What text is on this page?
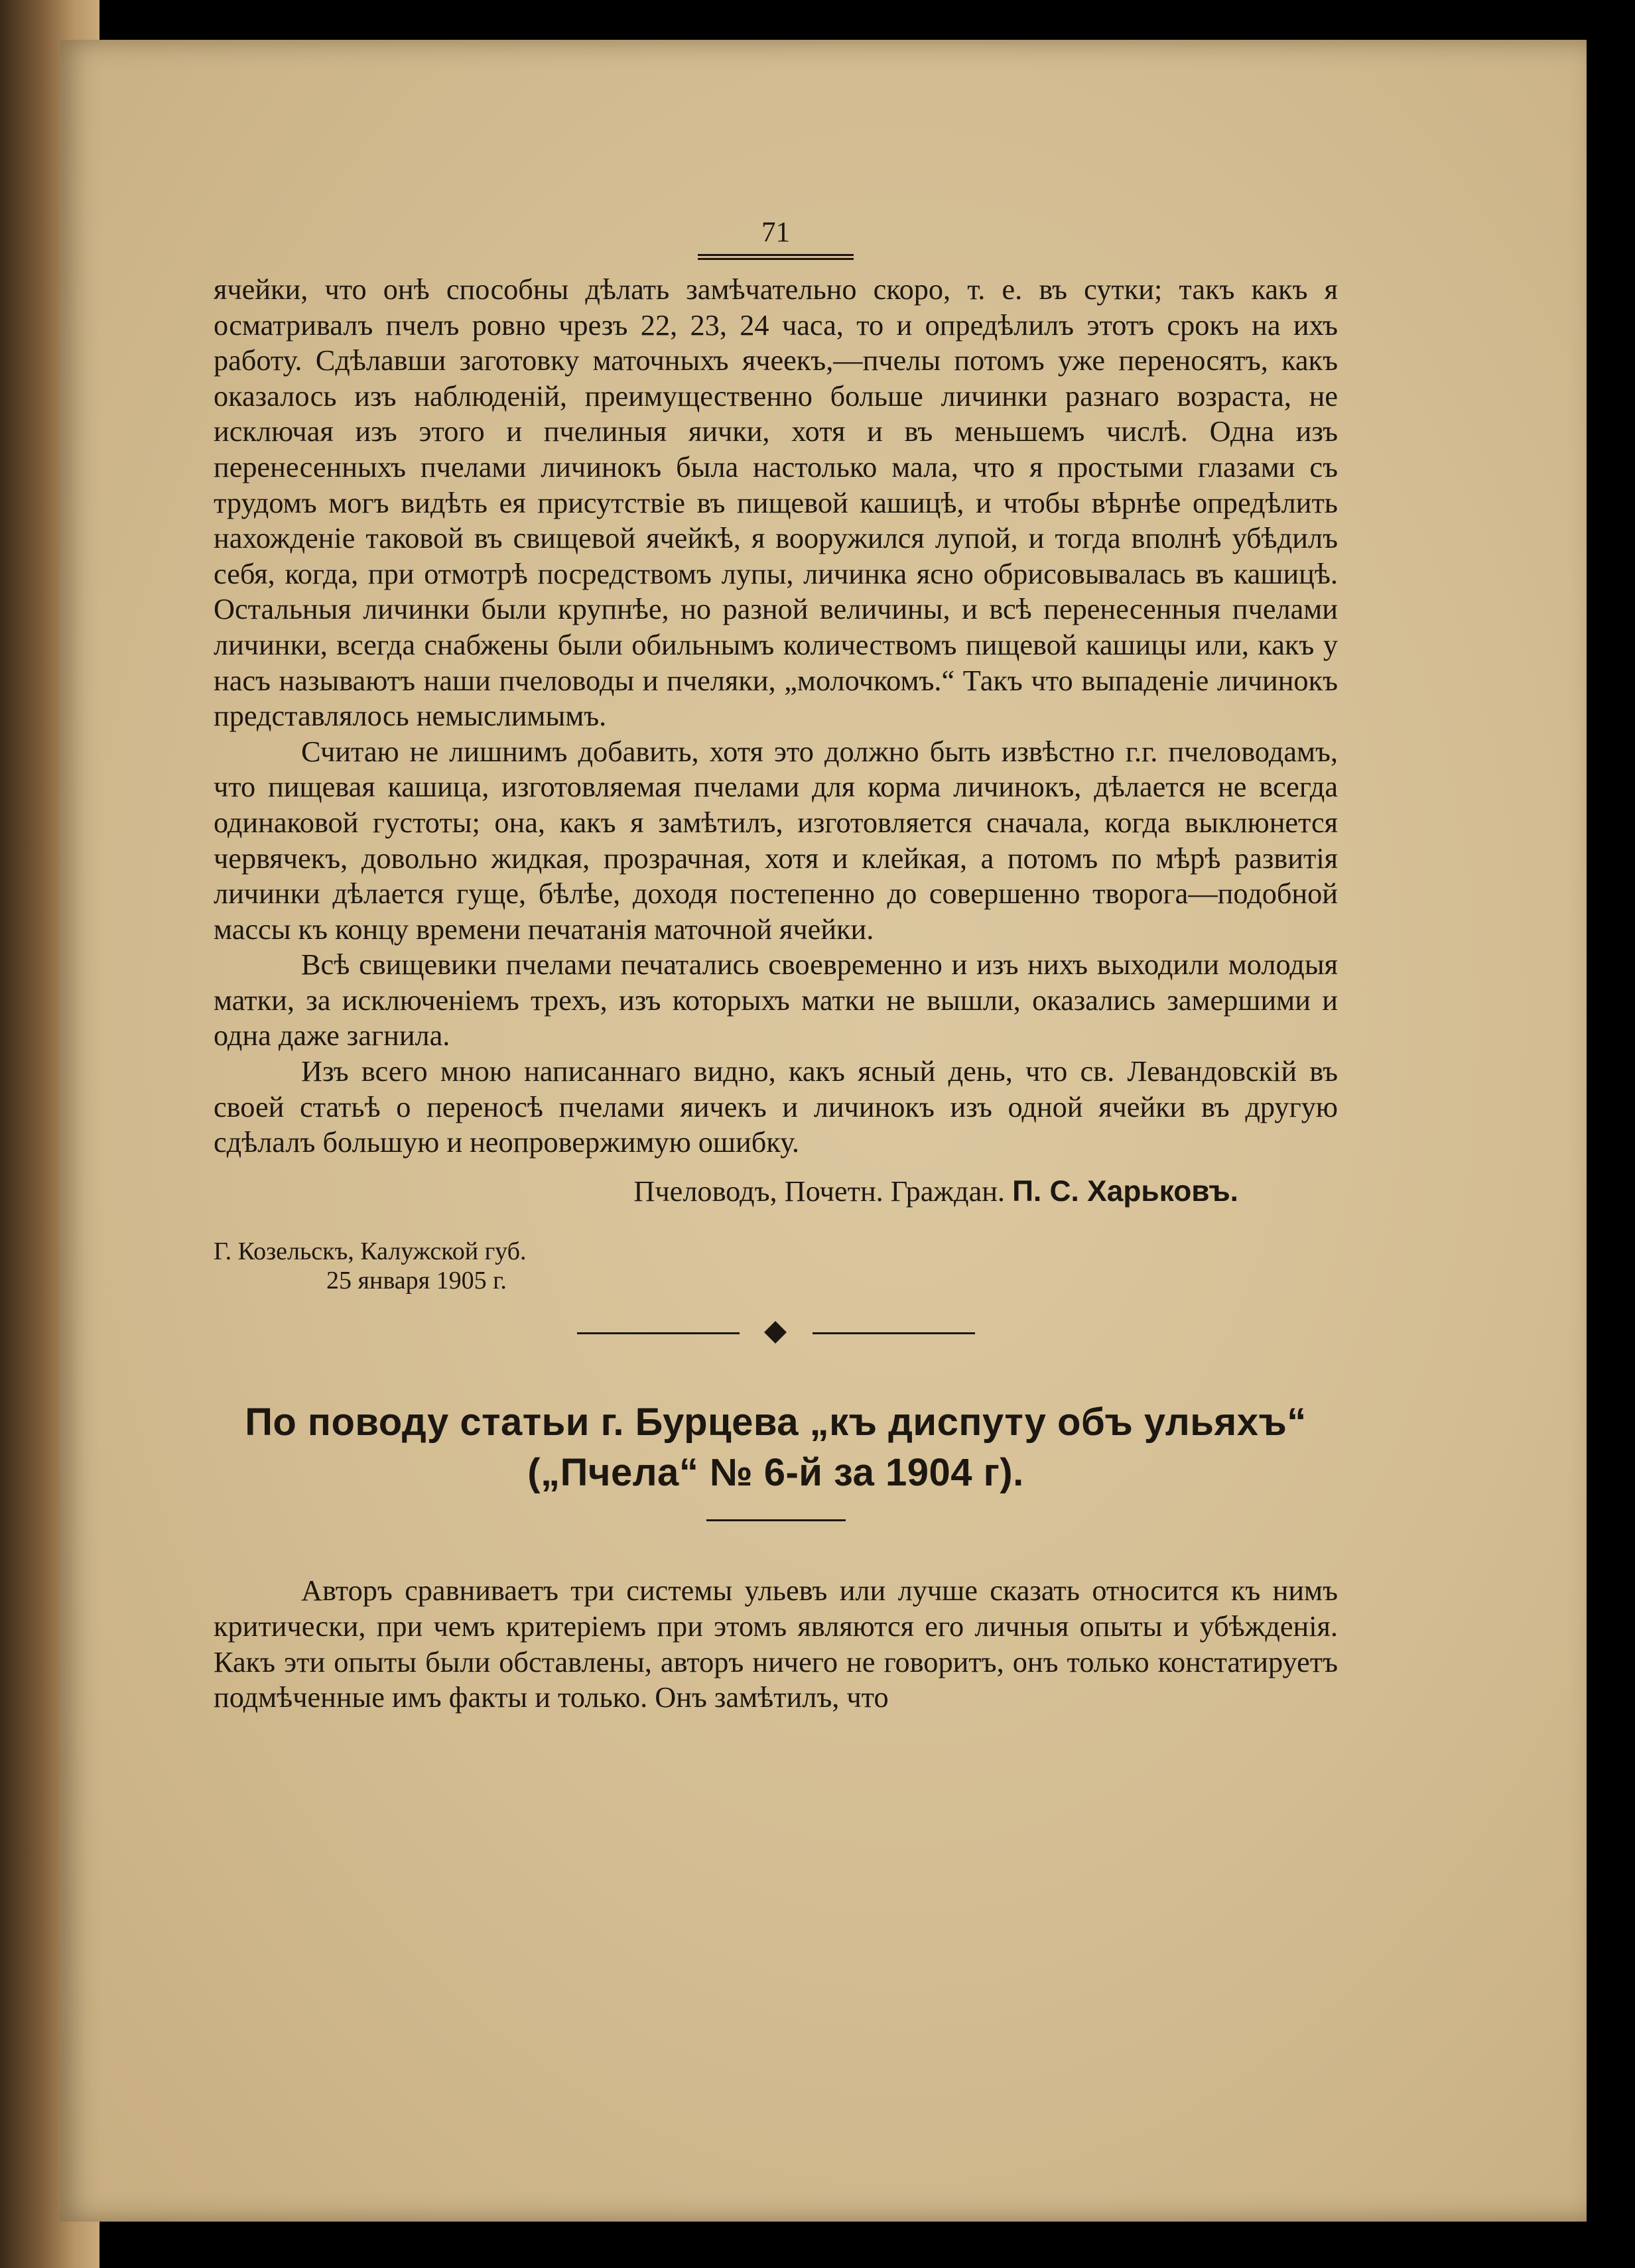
71

ячейки, что онѣ способны дѣлать замѣчательно скоро, т. е. въ сутки; такъ какъ я осматривалъ пчелъ ровно чрезъ 22, 23, 24 часа, то и опредѣлилъ этотъ срокъ на ихъ работу. Сдѣлавши заготовку маточныхъ ячеекъ,—пчелы потомъ уже переносятъ, какъ оказалось изъ наблюденій, преимущественно больше личинки разнаго возраста, не исключая изъ этого и пчелиныя яички, хотя и въ меньшемъ числѣ. Одна изъ перенесенныхъ пчелами личинокъ была настолько мала, что я простыми глазами съ трудомъ могъ видѣть ея присутствіе въ пищевой кашицѣ, и чтобы вѣрнѣе опредѣлить нахожденіе таковой въ свищевой ячейкѣ, я вооружился лупой, и тогда вполнѣ убѣдилъ себя, когда, при отмотрѣ посредствомъ лупы, личинка ясно обрисовывалась въ кашицѣ. Остальныя личинки были крупнѣе, но разной величины, и всѣ перенесенныя пчелами личинки, всегда снабжены были обильнымъ количествомъ пищевой кашицы или, какъ у насъ называютъ наши пчеловоды и пчеляки, „молочкомъ.“ Такъ что выпаденіе личинокъ представлялось немыслимымъ.

Считаю не лишнимъ добавить, хотя это должно быть извѣстно г.г. пчеловодамъ, что пищевая кашица, изготовляемая пчелами для корма личинокъ, дѣлается не всегда одинаковой густоты; она, какъ я замѣтилъ, изготовляется сначала, когда выклюнется червячекъ, довольно жидкая, прозрачная, хотя и клейкая, а потомъ по мѣрѣ развитія личинки дѣлается гуще, бѣлѣе, доходя постепенно до совершенно творога—подобной массы къ концу времени печатанія маточной ячейки.

Всѣ свищевики пчелами печатались своевременно и изъ нихъ выходили молодыя матки, за исключеніемъ трехъ, изъ которыхъ матки не вышли, оказались замершими и одна даже загнила.

Изъ всего мною написаннаго видно, какъ ясный день, что св. Левандовскій въ своей статьѣ о переносѣ пчелами яичекъ и личинокъ изъ одной ячейки въ другую сдѣлалъ большую и неопровержимую ошибку.

Пчеловодъ, Почетн. Граждан. П. С. Харьковъ.
Г. Козельскъ, Калужской губ.
25 января 1905 г.
По поводу статьи г. Бурцева „къ диспуту объ ульяхъ“
(„Пчела“ № 6-й за 1904 г).

Авторъ сравниваетъ три системы ульевъ или лучше сказать относится къ нимъ критически, при чемъ критеріемъ при этомъ являются его личныя опыты и убѣжденія. Какъ эти опыты были обставлены, авторъ ничего не говоритъ, онъ только констатируетъ подмѣченные имъ факты и только. Онъ замѣтилъ, что
